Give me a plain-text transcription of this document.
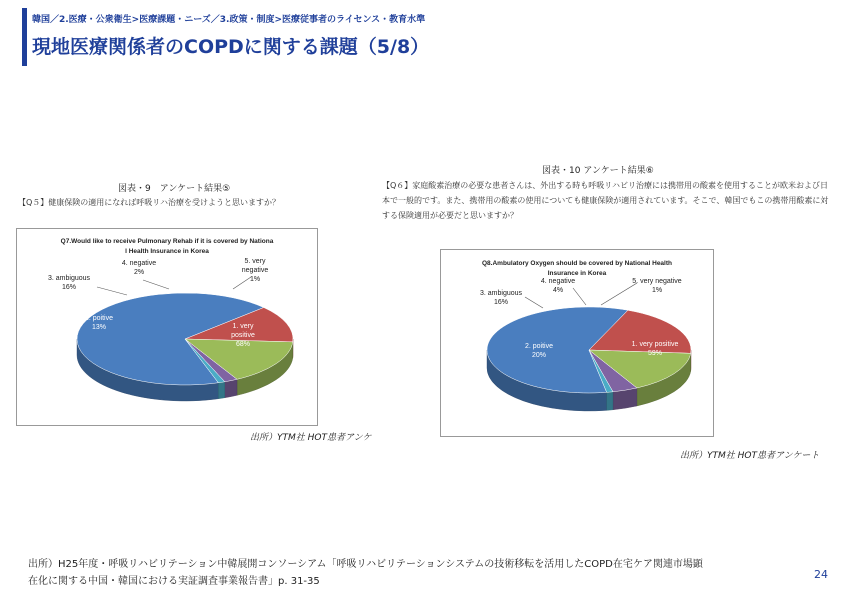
韓国／2.医療・公衆衛生>医療課題・ニーズ／3.政策・制度>医療従事者のライセンス・教育水準
現地医療関係者のCOPDに関する課題（5/8）
図表・9　アンケート結果⑤
【Q５】健康保険の適用になれば呼吸リハ治療を受けようと思いますか？
Q7.Would like to receive Pulmonary Rehab if it is covered by Nationa l Health Insurance in Korea
1. very positive 68%
2. poitive 13%
3. ambiguous 16%
4. negative 2%
5. very negative 1%
出所）YTM社 HOT患者アンケ
図表・10 アンケート結果⑥
【Q６】家庭酸素治療の必要な患者さんは、外出する時も呼吸リハビリ治療には携帯用の酸素を使用することが欧米および日本で一般的です。また、携帯用の酸素の使用についても健康保険が適用されています。そこで、韓国でもこの携帯用酸素に対する保険適用が必要だと思いますか？
Q8.Ambulatory Oxygen should be covered by National Health Insurance in Korea
1. very positive 59%
2. poitive 20%
3. ambiguous 16%
4. negative 4%
5. very negative 1%
出所）YTM社 HOT患者アンケート
出所）H25年度・呼吸リハビリテーション中韓展開コンソーシアム「呼吸リハビリテーションシステムの技術移転を活用したCOPD在宅ケア関連市場顕
在化に関する中国・韓国における実証調査事業報告書」p. 31-35
24
